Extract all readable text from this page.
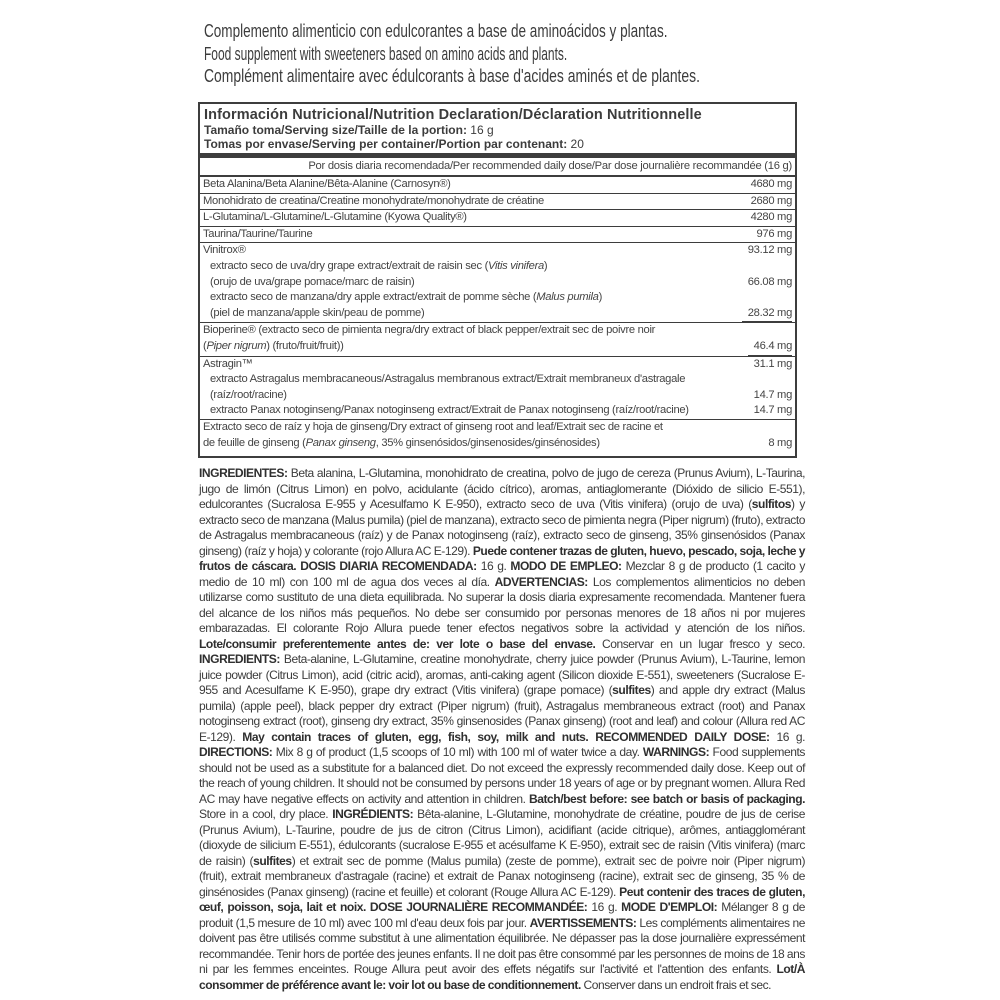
Complemento alimenticio con edulcorantes a base de aminoácidos y plantas.
Food supplement with sweeteners based on amino acids and plants.
Complément alimentaire avec édulcorants à base d'acides aminés et de plantes.
Información Nutricional/Nutrition Declaration/Déclaration Nutritionnelle
Tamaño toma/Serving size/Taille de la portion: 16 g
Tomas por envase/Serving per container/Portion par contenant: 20
Por dosis diaria recomendada/Per recommended daily dose/Par dose journalière recommandée (16 g)
Beta Alanina/Beta Alanine/Bêta-Alanine (Carnosyn®)	4680 mg
Monohidrato de creatina/Creatine monohydrate/monohydrate de créatine	2680 mg
L-Glutamina/L-Glutamine/L-Glutamine (Kyowa Quality®)	4280 mg
Taurina/Taurine/Taurine	976 mg
Vinitrox®	93.12 mg
extracto seco de uva/dry grape extract/extrait de raisin sec (Vitis vinifera)
(orujo de uva/grape pomace/marc de raisin)	66.08 mg
extracto seco de manzana/dry apple extract/extrait de pomme sèche (Malus pumila)
(piel de manzana/apple skin/peau de pomme)	28.32 mg
Bioperine® (extracto seco de pimienta negra/dry extract of black pepper/extrait sec de poivre noir
(Piper nigrum) (fruto/fruit/fruit))	46.4 mg
Astragin™	31.1 mg
extracto Astragalus membracaneous/Astragalus membranous extract/Extrait membraneux d'astragale
(raíz/root/racine)	14.7 mg
extracto Panax notoginseng/Panax notoginseng extract/Extrait de Panax notoginseng (raíz/root/racine)	14.7 mg
Extracto seco de raíz y hoja de ginseng/Dry extract of ginseng root and leaf/Extrait sec de racine et
de feuille de ginseng (Panax ginseng, 35% ginsenósidos/ginsenosides/ginsénosides)	8 mg

INGREDIENTES: Beta alanina, L-Glutamina, monohidrato de creatina, polvo de jugo de cereza (Prunus Avium), L-Taurina, jugo de limón (Citrus Limon) en polvo, acidulante (ácido cítrico), aromas, antiaglomerante (Dióxido de silicio E-551), edulcorantes (Sucralosa E-955 y Acesulfamo K E-950), extracto seco de uva (Vitis vinifera) (orujo de uva) (sulfitos) y extracto seco de manzana (Malus pumila) (piel de manzana), extracto seco de pimienta negra (Piper nigrum) (fruto), extracto de Astragalus membracaneous (raíz) y de Panax notoginseng (raíz), extracto seco de ginseng, 35% ginsenósidos (Panax ginseng) (raíz y hoja) y colorante (rojo Allura AC E-129). Puede contener trazas de gluten, huevo, pescado, soja, leche y frutos de cáscara. DOSIS DIARIA RECOMENDADA: 16 g. MODO DE EMPLEO: Mezclar 8 g de producto (1 cacito y medio de 10 ml) con 100 ml de agua dos veces al día. ADVERTENCIAS: Los complementos alimenticios no deben utilizarse como sustituto de una dieta equilibrada. No superar la dosis diaria expresamente recomendada. Mantener fuera del alcance de los niños más pequeños. No debe ser consumido por personas menores de 18 años ni por mujeres embarazadas. El colorante Rojo Allura puede tener efectos negativos sobre la actividad y atención de los niños. Lote/consumir preferentemente antes de: ver lote o base del envase. Conservar en un lugar fresco y seco. INGREDIENTS: Beta-alanine, L-Glutamine, creatine monohydrate, cherry juice powder (Prunus Avium), L-Taurine, lemon juice powder (Citrus Limon), acid (citric acid), aromas, anti-caking agent (Silicon dioxide E-551), sweeteners (Sucralose E-955 and Acesulfame K E-950), grape dry extract (Vitis vinifera) (grape pomace) (sulfites) and apple dry extract (Malus pumila) (apple peel), black pepper dry extract (Piper nigrum) (fruit), Astragalus membraneous extract (root) and Panax notoginseng extract (root), ginseng dry extract, 35% ginsenosides (Panax ginseng) (root and leaf) and colour (Allura red AC E-129). May contain traces of gluten, egg, fish, soy, milk and nuts. RECOMMENDED DAILY DOSE: 16 g. DIRECTIONS: Mix 8 g of product (1,5 scoops of 10 ml) with 100 ml of water twice a day. WARNINGS: Food supplements should not be used as a substitute for a balanced diet. Do not exceed the expressly recommended daily dose. Keep out of the reach of young children. It should not be consumed by persons under 18 years of age or by pregnant women. Allura Red AC may have negative effects on activity and attention in children. Batch/best before: see batch or basis of packaging. Store in a cool, dry place. INGRÉDIENTS: Bêta-alanine, L-Glutamine, monohydrate de créatine, poudre de jus de cerise (Prunus Avium), L-Taurine, poudre de jus de citron (Citrus Limon), acidifiant (acide citrique), arômes, antiagglomérant (dioxyde de silicium E-551), édulcorants (sucralose E-955 et acésulfame K E-950), extrait sec de raisin (Vitis vinifera) (marc de raisin) (sulfites) et extrait sec de pomme (Malus pumila) (zeste de pomme), extrait sec de poivre noir (Piper nigrum) (fruit), extrait membraneux d'astragale (racine) et extrait de Panax notoginseng (racine), extrait sec de ginseng, 35 % de ginsénosides (Panax ginseng) (racine et feuille) et colorant (Rouge Allura AC E-129). Peut contenir des traces de gluten, œuf, poisson, soja, lait et noix. DOSE JOURNALIÈRE RECOMMANDÉE: 16 g. MODE D'EMPLOI: Mélanger 8 g de produit (1,5 mesure de 10 ml) avec 100 ml d'eau deux fois par jour. AVERTISSEMENTS: Les compléments alimentaires ne doivent pas être utilisés comme substitut à une alimentation équilibrée. Ne dépasser pas la dose journalière expressément recommandée. Tenir hors de portée des jeunes enfants. Il ne doit pas être consommé par les personnes de moins de 18 ans ni par les femmes enceintes. Rouge Allura peut avoir des effets négatifs sur l'activité et l'attention des enfants. Lot/À consommer de préférence avant le: voir lot ou base de conditionnement. Conserver dans un endroit frais et sec.
